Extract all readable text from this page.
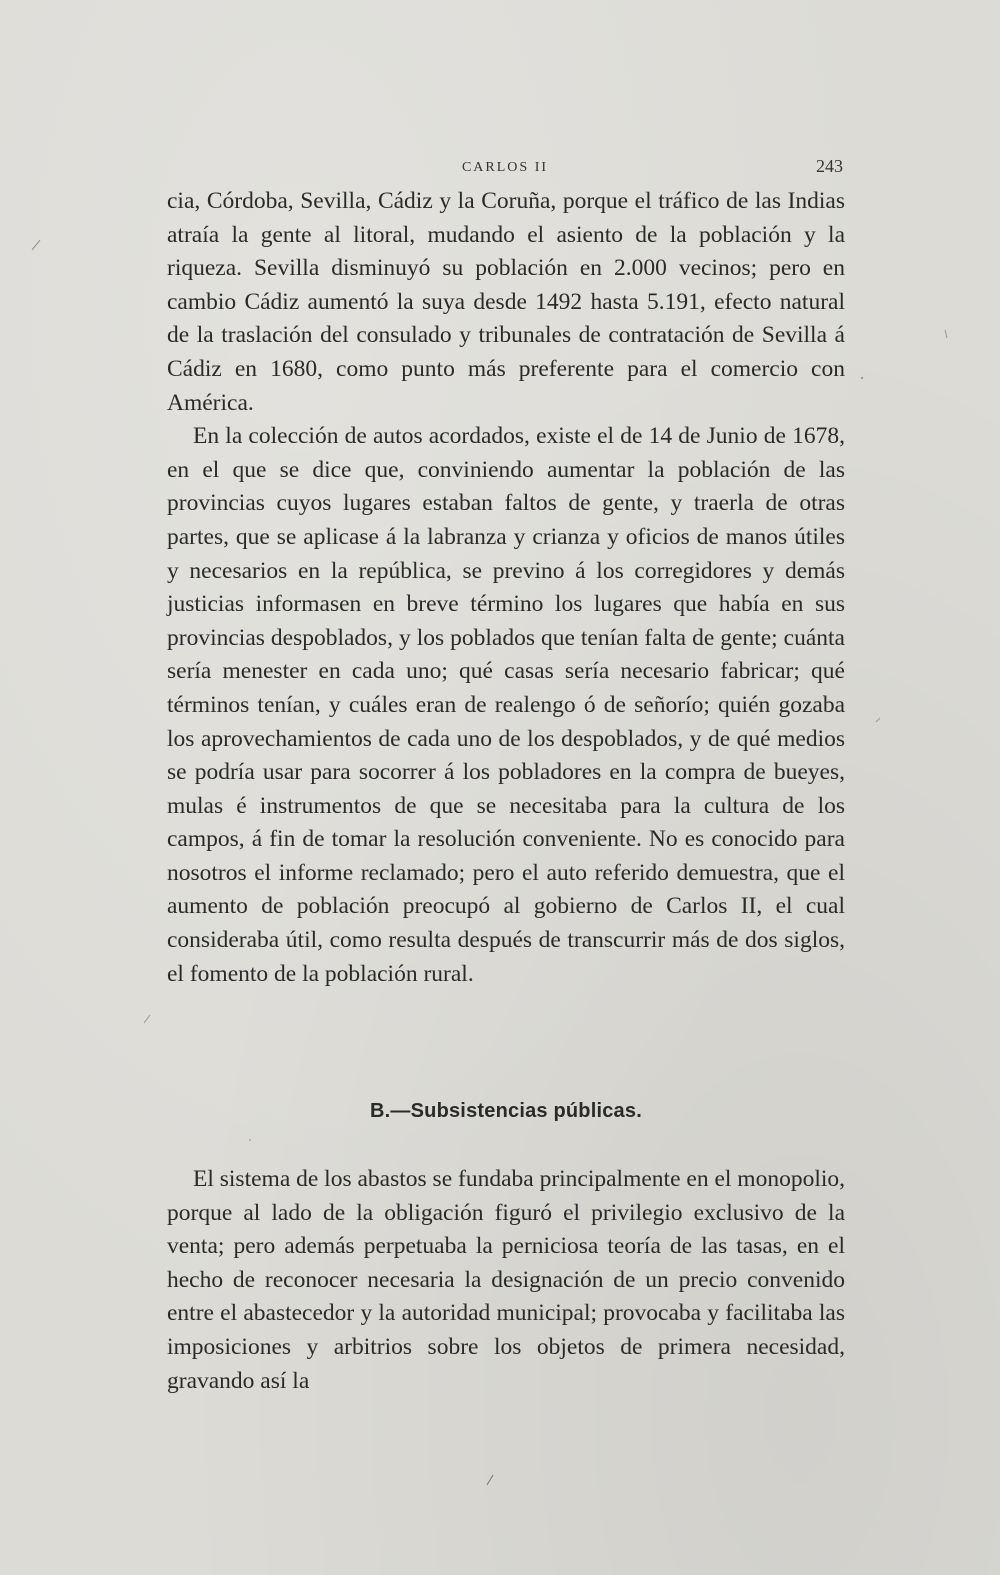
CARLOS II	243

cia, Córdoba, Sevilla, Cádiz y la Coruña, porque el tráfico de las Indias atraía la gente al litoral, mudando el asiento de la población y la riqueza. Sevilla disminuyó su población en 2.000 vecinos; pero en cambio Cádiz aumentó la suya desde 1492 hasta 5.191, efecto natural de la traslación del consulado y tribunales de contratación de Sevilla á Cádiz en 1680, como punto más preferente para el comercio con América.

En la colección de autos acordados, existe el de 14 de Junio de 1678, en el que se dice que, conviniendo aumentar la población de las provincias cuyos lugares estaban faltos de gente, y traerla de otras partes, que se aplicase á la labranza y crianza y oficios de manos útiles y necesarios en la república, se previno á los corregidores y demás justicias informasen en breve término los lugares que había en sus provincias despoblados, y los poblados que tenían falta de gente; cuánta sería menester en cada uno; qué casas sería necesario fabricar; qué términos tenían, y cuáles eran de realengo ó de señorío; quién gozaba los aprovechamientos de cada uno de los despoblados, y de qué medios se podría usar para socorrer á los pobladores en la compra de bueyes, mulas é instrumentos de que se necesitaba para la cultura de los campos, á fin de tomar la resolución conveniente. No es conocido para nosotros el informe reclamado; pero el auto referido demuestra, que el aumento de población preocupó al gobierno de Carlos II, el cual consideraba útil, como resulta después de transcurrir más de dos siglos, el fomento de la población rural.

B.—Subsistencias públicas.

El sistema de los abastos se fundaba principalmente en el monopolio, porque al lado de la obligación figuró el privilegio exclusivo de la venta; pero además perpetuaba la perniciosa teoría de las tasas, en el hecho de reconocer necesaria la designación de un precio convenido entre el abastecedor y la autoridad municipal; provocaba y facilitaba las imposiciones y arbitrios sobre los objetos de primera necesidad, gravando así la
